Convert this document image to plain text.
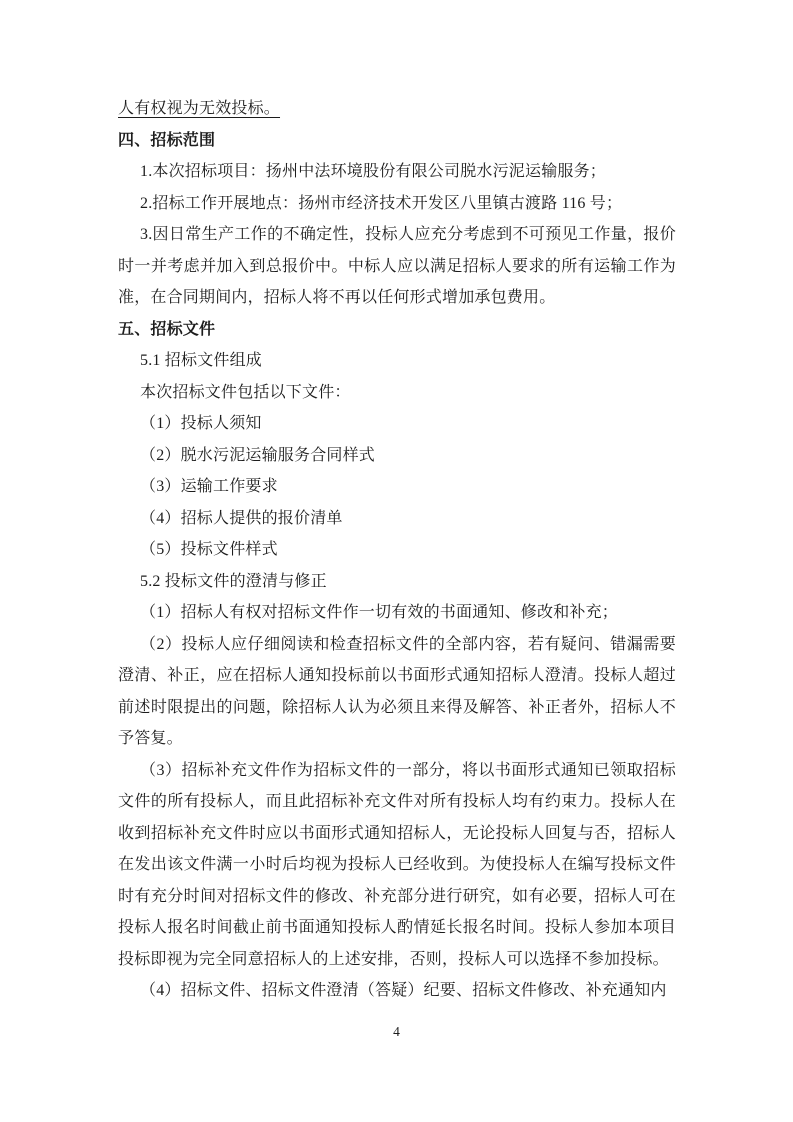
人有权视为无效投标。

四、招标范围

1.本次招标项目：扬州中法环境股份有限公司脱水污泥运输服务；

2.招标工作开展地点：扬州市经济技术开发区八里镇古渡路 116 号；

3.因日常生产工作的不确定性，投标人应充分考虑到不可预见工作量，报价时一并考虑并加入到总报价中。中标人应以满足招标人要求的所有运输工作为准，在合同期间内，招标人将不再以任何形式增加承包费用。

五、招标文件

5.1 招标文件组成

本次招标文件包括以下文件：

（1）投标人须知

（2）脱水污泥运输服务合同样式

（3）运输工作要求

（4）招标人提供的报价清单

（5）投标文件样式

5.2 投标文件的澄清与修正

（1）招标人有权对招标文件作一切有效的书面通知、修改和补充；

（2）投标人应仔细阅读和检查招标文件的全部内容，若有疑问、错漏需要澄清、补正，应在招标人通知投标前以书面形式通知招标人澄清。投标人超过前述时限提出的问题，除招标人认为必须且来得及解答、补正者外，招标人不予答复。

（3）招标补充文件作为招标文件的一部分，将以书面形式通知已领取招标文件的所有投标人，而且此招标补充文件对所有投标人均有约束力。投标人在收到招标补充文件时应以书面形式通知招标人，无论投标人回复与否，招标人在发出该文件满一小时后均视为投标人已经收到。为使投标人在编写投标文件时有充分时间对招标文件的修改、补充部分进行研究，如有必要，招标人可在投标人报名时间截止前书面通知投标人酌情延长报名时间。投标人参加本项目投标即视为完全同意招标人的上述安排，否则，投标人可以选择不参加投标。

（4）招标文件、招标文件澄清（答疑）纪要、招标文件修改、补充通知内

4
